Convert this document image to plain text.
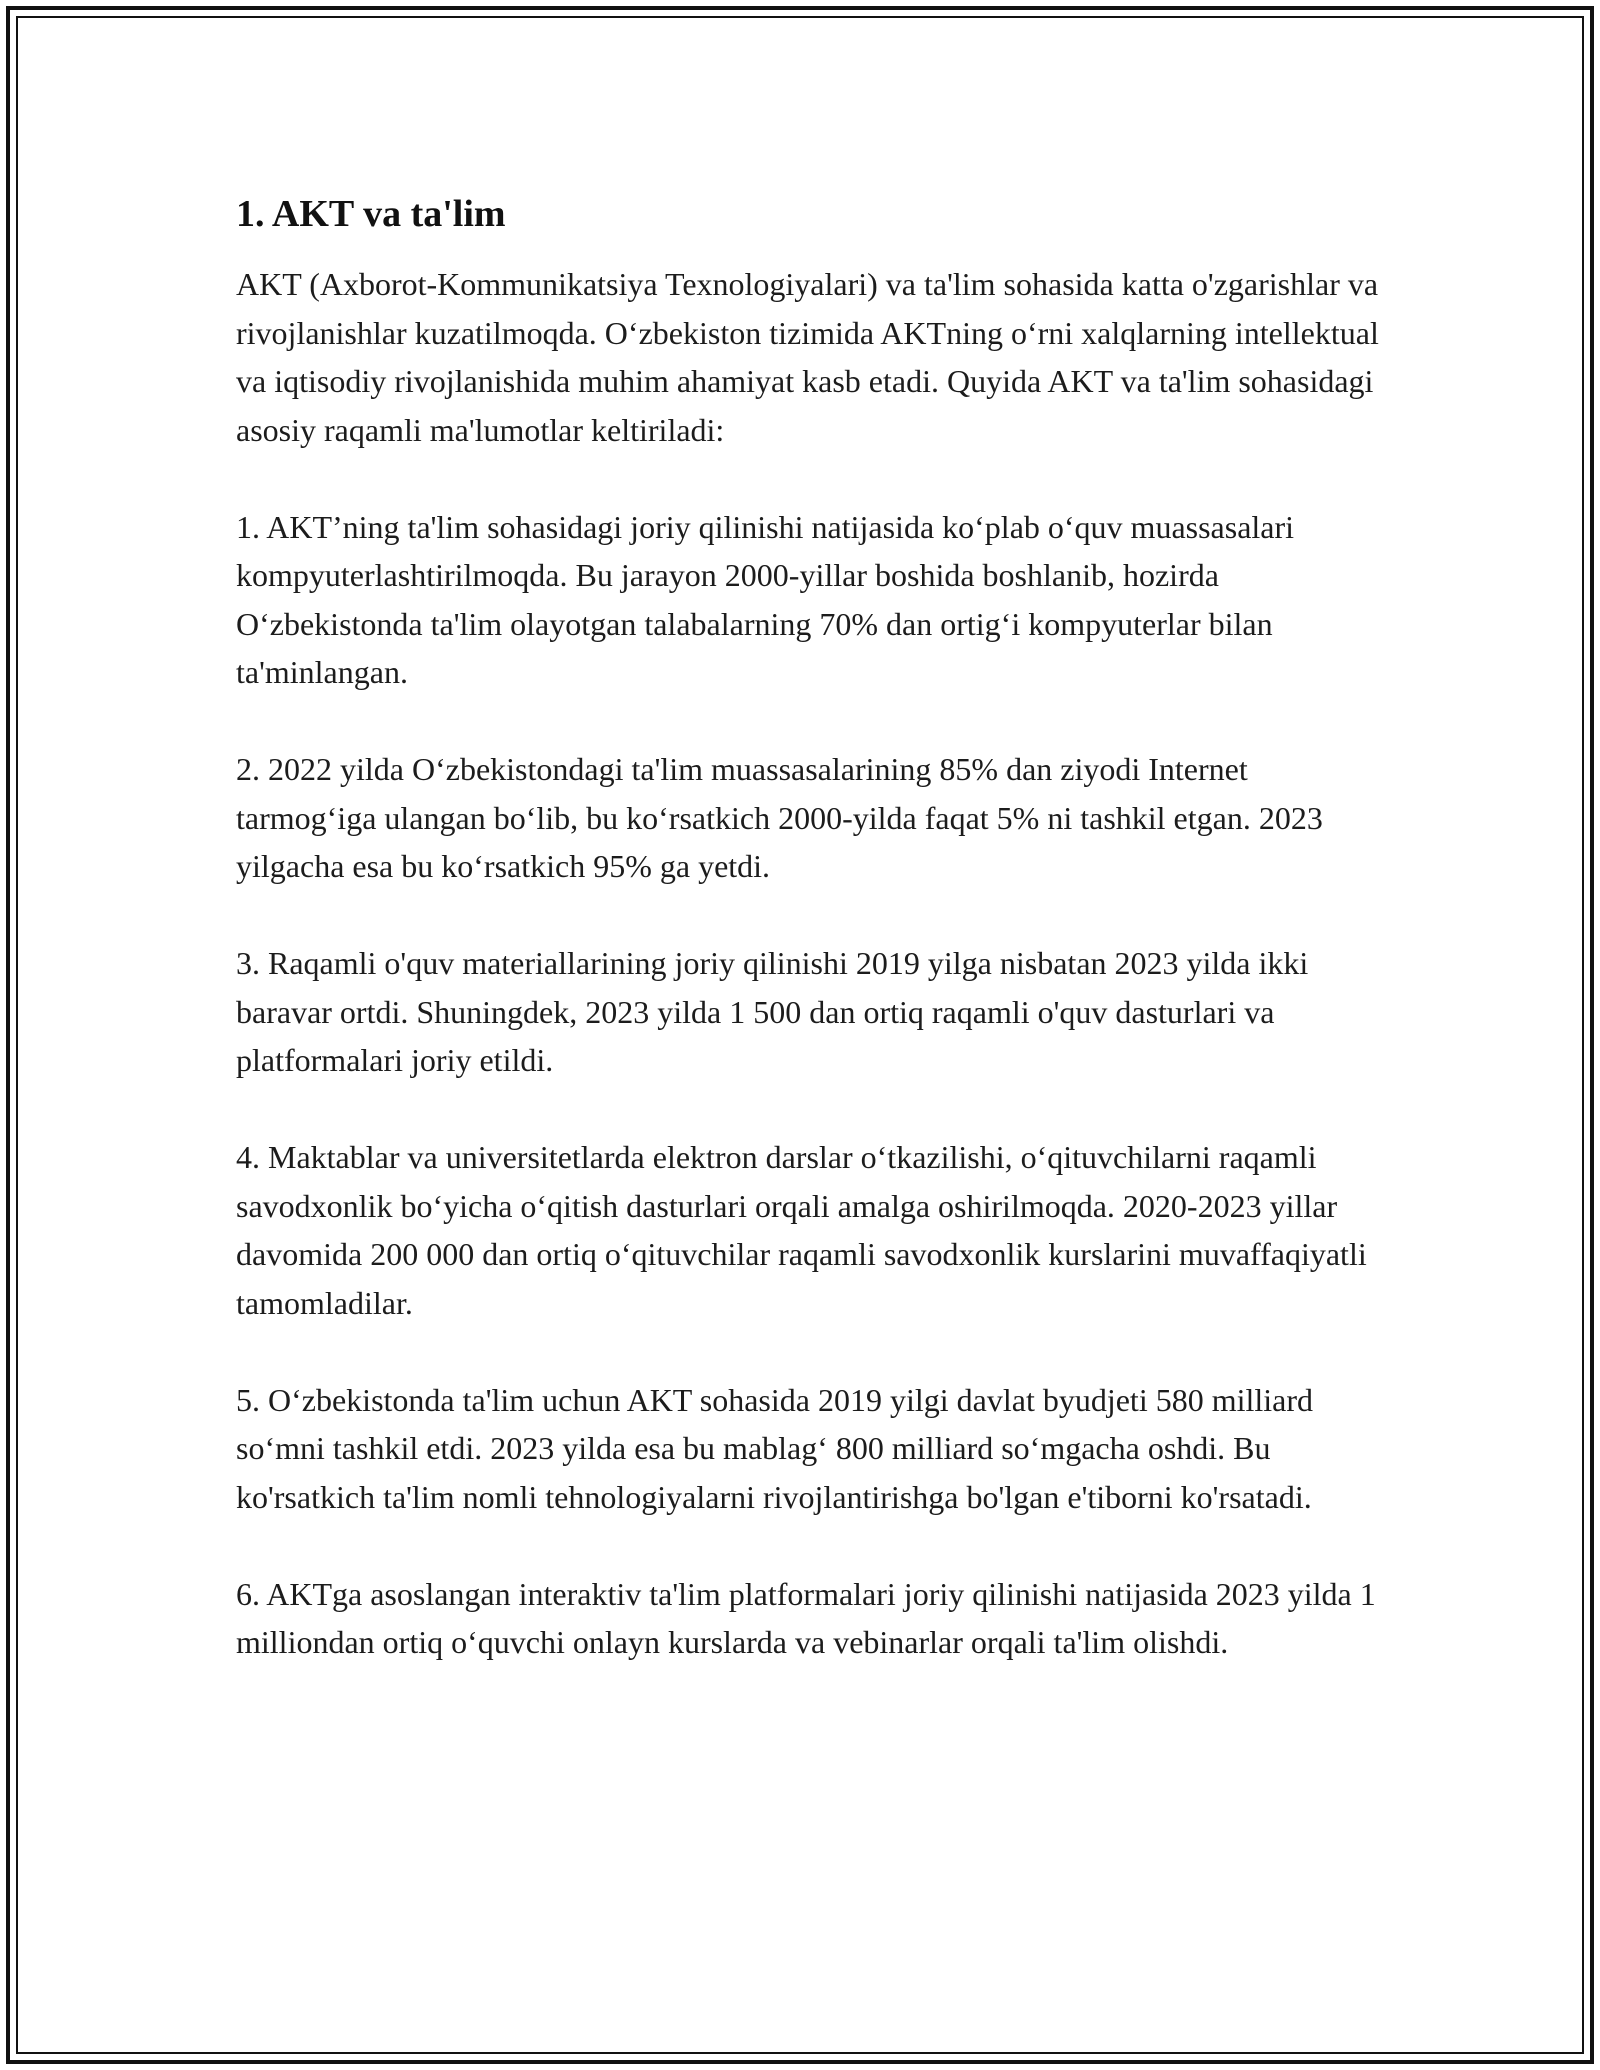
1. AKT va ta'lim

AKT (Axborot-Kommunikatsiya Texnologiyalari) va ta'lim sohasida katta o'zgarishlar va rivojlanishlar kuzatilmoqda. O‘zbekiston tizimida AKTning o‘rni xalqlarning intellektual va iqtisodiy rivojlanishida muhim ahamiyat kasb etadi. Quyida AKT va ta'lim sohasidagi asosiy raqamli ma'lumotlar keltiriladi:

1. AKT’ning ta'lim sohasidagi joriy qilinishi natijasida ko‘plab o‘quv muassasalari kompyuterlashtirilmoqda. Bu jarayon 2000-yillar boshida boshlanib, hozirda O‘zbekistonda ta'lim olayotgan talabalarning 70% dan ortig‘i kompyuterlar bilan ta'minlangan.

2. 2022 yilda O‘zbekistondagi ta'lim muassasalarining 85% dan ziyodi Internet tarmog‘iga ulangan bo‘lib, bu ko‘rsatkich 2000-yilda faqat 5% ni tashkil etgan. 2023 yilgacha esa bu ko‘rsatkich 95% ga yetdi.

3. Raqamli o'quv materiallarining joriy qilinishi 2019 yilga nisbatan 2023 yilda ikki baravar ortdi. Shuningdek, 2023 yilda 1 500 dan ortiq raqamli o'quv dasturlari va platformalari joriy etildi.

4. Maktablar va universitetlarda elektron darslar o‘tkazilishi, o‘qituvchilarni raqamli savodxonlik bo‘yicha o‘qitish dasturlari orqali amalga oshirilmoqda. 2020-2023 yillar davomida 200 000 dan ortiq o‘qituvchilar raqamli savodxonlik kurslarini muvaffaqiyatli tamomladilar.

5. O‘zbekistonda ta'lim uchun AKT sohasida 2019 yilgi davlat byudjeti 580 milliard so‘mni tashkil etdi. 2023 yilda esa bu mablag‘ 800 milliard so‘mgacha oshdi. Bu ko'rsatkich ta'lim nomli tehnologiyalarni rivojlantirishga bo'lgan e'tiborni ko'rsatadi.

6. AKTga asoslangan interaktiv ta'lim platformalari joriy qilinishi natijasida 2023 yilda 1 milliondan ortiq o‘quvchi onlayn kurslarda va vebinarlar orqali ta'lim olishdi.
